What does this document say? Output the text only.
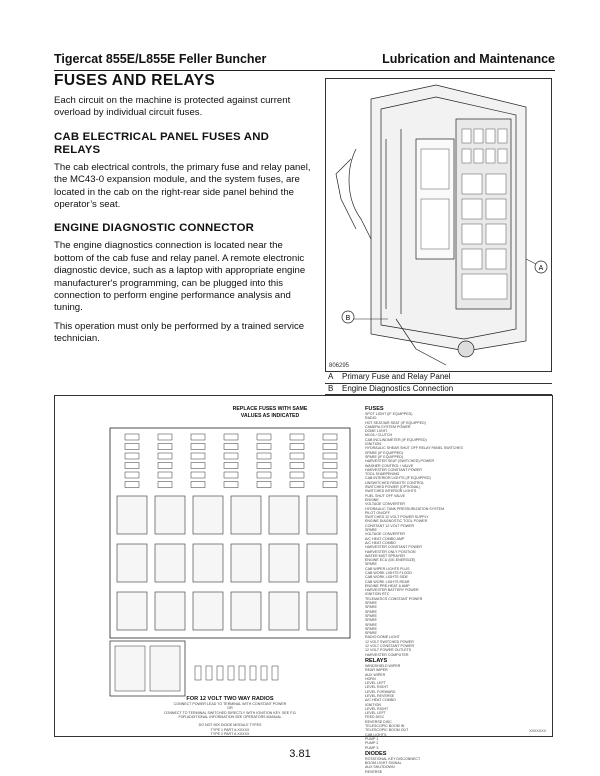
Tigercat 855E/L855E Feller Buncher	Lubrication and Maintenance
FUSES AND RELAYS

Each circuit on the machine is protected against current overload by individual circuit fuses.

CAB ELECTRICAL PANEL FUSES AND RELAYS

The cab electrical controls, the primary fuse and relay panel, the MC43-0 expansion module, and the system fuses, are located in the cab on the right-rear side panel behind the operator’s seat.

ENGINE DIAGNOSTIC CONNECTOR

The engine diagnostics connection is located near the bottom of the cab fuse and relay panel. A remote electronic diagnostic device, such as a laptop with appropriate engine manufacturer's programming, can be plugged into this connection to perform engine performance analysis and tuning.

This operation must only be performed by a trained service technician.

A
B
806295
A	Primary Fuse and Relay Panel
B	Engine Diagnostics Connection
REPLACE FUSES WITH SAME
VALUES AS INDICATED
FOR 12 VOLT TWO WAY RADIOS
CONNECT POWER LEAD TO TERMINAL WITH CONSTANT POWER
OR
CONNECT TO TERMINAL SWITCHED DIRECTLY WITH IGNITION KEY. SEE F11
FOR ADDITIONAL INFORMATION SEE OPERATORS MANUAL

DO NOT MIX DIODE MODULE TYPES
TYPE 1 PART #-XXXXX
TYPE 2 PART #-XXXXX
FUSES
SPOT LIGHT (IF EQUIPPED)
RADIO
HOT SEAT/AIR SEAT (IF EQUIPPED)
CAMERA SYSTEM POWER
DOME LIGHT
MC04 / CLUTCH
CAB INCLINOMETER (IF EQUIPPED)
IGNITION
HYDRAULIC SHEAR SHUT OFF RELAY PANEL SWITCHES
SPARE (IF EQUIPPED)
SPARE (IF EQUIPPED)
HARVESTER SEAT (SWITCHED) POWER
WASHER CONTROL / VALVE
HARVESTER CONSTANT POWER
TOOL SHARPENING
CAB INTERIOR LIGHTS (IF EQUIPPED)
UNSWITCHED REMOTE CONTROL
SWITCHED POWER (OPTIONAL)
SWITCHED INTERIOR LIGHTS
FUEL SHUT OFF VALVE
ENGINE
VOLTAGE CONVERTER
HYDRAULIC TANK PRESSURIZATION SYSTEM
PILOT ON/OFF
SWITCHED 12 VOLT POWER SUPPLY
ENGINE DIAGNOSTIC TOOL POWER
CONSTANT 12 VOLT POWER
SPARE
VOLTAGE CONVERTER
A/C HEAT COMBO AMP
A/C HEAT COMBO
HARVESTER CONSTANT POWER
HARVESTER ONLY POSITION
WATER MIST SPRAYER
ENGINE ECU (DE-ENERGIZE)
SPARE
CAB WIPER LIGHTS PLUS
CAB WORK LIGHTS FLOOD
CAB WORK LIGHTS SIDE
CAB WORK LIGHTS REAR
ENGINE PRE-HEAT & AMP
HARVESTER BATTERY POWER
IGNITION RTC
TELEMATICS CONSTANT POWER
SPARE
SPARE
SPARE
SPARE
SPARE
SPARE
SPARE
SPARE
RADIO DOME LIGHT
12 VOLT SWITCHED POWER
12 VOLT CONSTANT POWER
12 VOLT POWER OUTLETS
HARVESTER COMPUTER
RELAYS
WINDSHIELD WIPER
REAR WIPER
AUX WIPER
HORN
LEVEL LEFT
LEVEL RIGHT
LEVEL FORWARD
LEVEL REVERSE
A/C HEAT COMBO
IGNITION
LEVEL RIGHT
LEVEL LEFT
FEED DISC
REVERSE DISC
TELESCOPIC BOOM IN
TELESCOPIC BOOM OUT
CAB LIGHTS
PUMP 1
PUMP 2
PUMP 3
DIODES
ROTATIONAL KEY DISCONNECT
BOOM LIGHT SIGNAL
AUX SHUTDOWN
REVERSE
XXXXXXX
3.81
